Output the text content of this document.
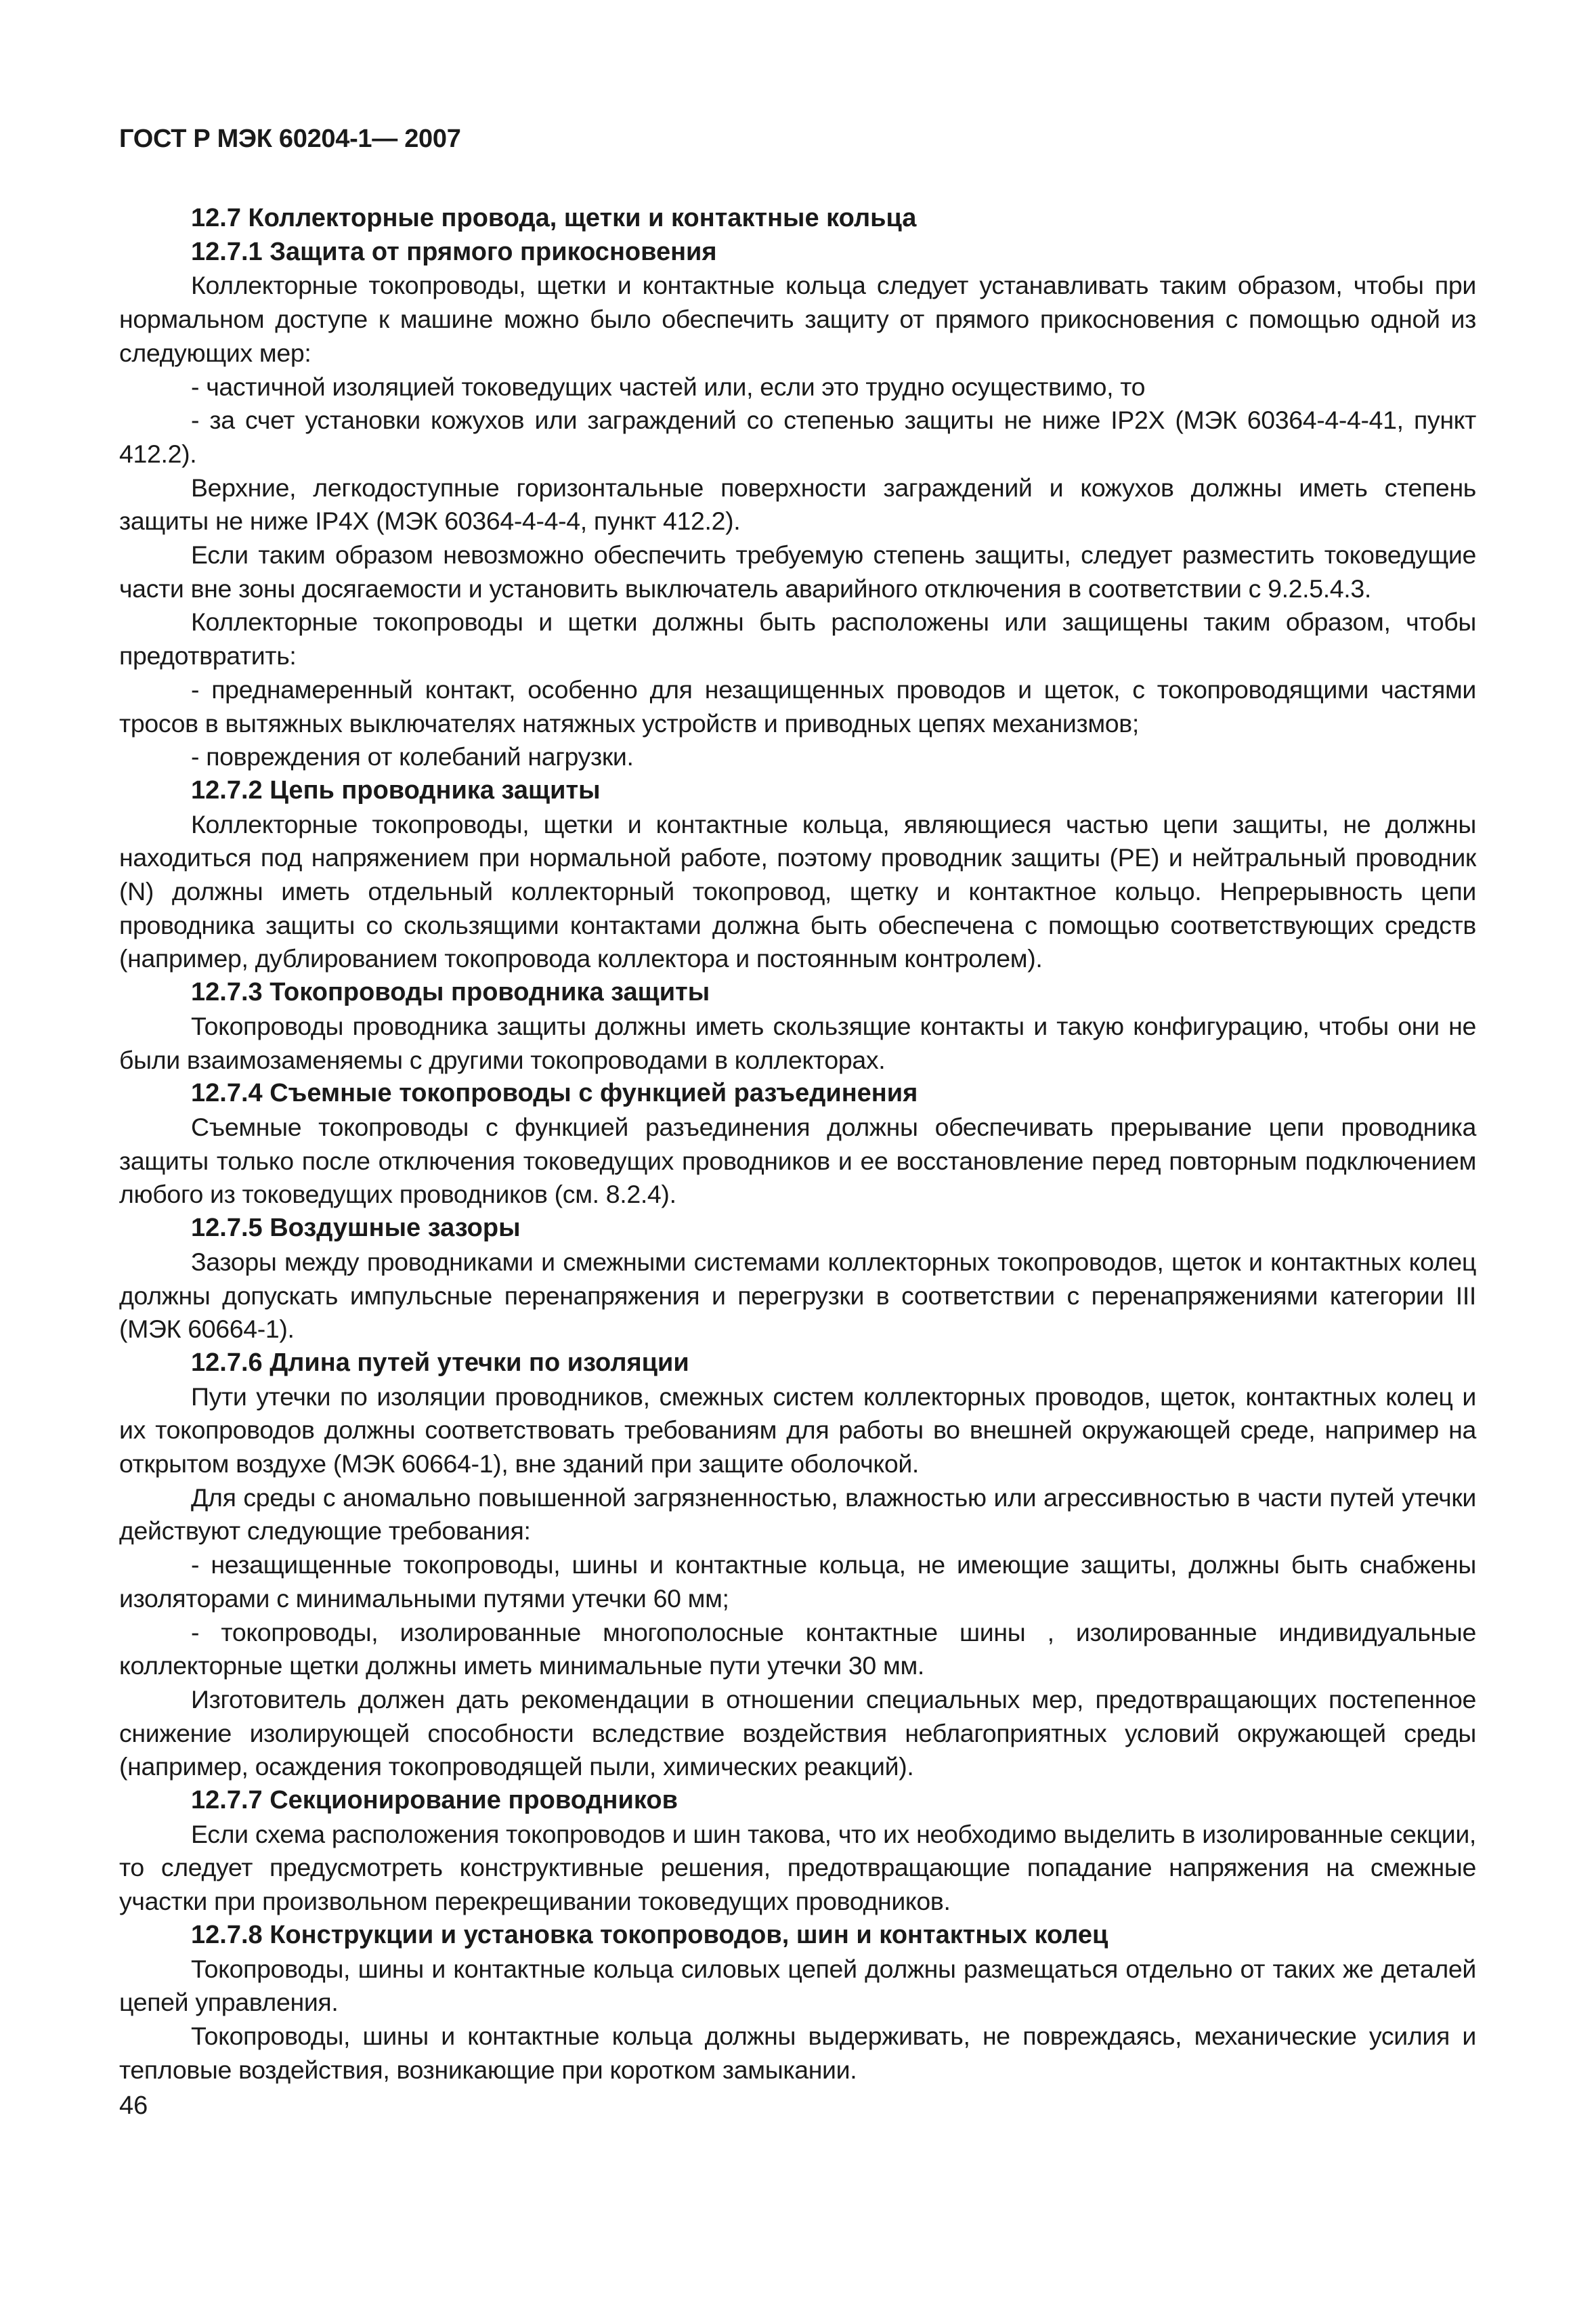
ГОСТ Р МЭК 60204-1— 2007
12.7 Коллекторные провода, щетки и контактные кольца
12.7.1 Защита от прямого прикосновения

Коллекторные токопроводы, щетки и контактные кольца следует устанавливать таким образом, чтобы при нормальном доступе к машине можно было обеспечить защиту от прямого прикосновения с помощью одной из следующих мер:

- частичной изоляцией токоведущих частей или, если это трудно осуществимо, то

- за счет установки кожухов или заграждений со степенью защиты не ниже IP2X (МЭК 60364-4-4-41, пункт 412.2).

Верхние, легкодоступные горизонтальные поверхности заграждений и кожухов должны иметь степень защиты не ниже IP4X (МЭК 60364-4-4-4, пункт 412.2).

Если таким образом невозможно обеспечить требуемую степень защиты, следует разместить токоведущие части вне зоны досягаемости и установить выключатель аварийного отключения в соответствии с 9.2.5.4.3.

Коллекторные токопроводы и щетки должны быть расположены или защищены таким образом, чтобы предотвратить:

- преднамеренный контакт, особенно для незащищенных проводов и щеток, с токопроводящими частями тросов в вытяжных выключателях натяжных устройств и приводных цепях механизмов;

- повреждения от колебаний нагрузки.

12.7.2 Цепь проводника защиты

Коллекторные токопроводы, щетки и контактные кольца, являющиеся частью цепи защиты, не должны находиться под напряжением при нормальной работе, поэтому проводник защиты (PE) и нейтральный проводник (N) должны иметь отдельный коллекторный токопровод, щетку и контактное кольцо. Непрерывность цепи проводника защиты со скользящими контактами должна быть обеспечена с помощью соответствующих средств (например, дублированием токопровода коллектора и постоянным контролем).

12.7.3 Токопроводы проводника защиты

Токопроводы проводника защиты должны иметь скользящие контакты и такую конфигурацию, чтобы они не были взаимозаменяемы с другими токопроводами в коллекторах.

12.7.4 Съемные токопроводы с функцией разъединения

Съемные токопроводы с функцией разъединения должны обеспечивать прерывание цепи проводника защиты только после отключения токоведущих проводников и ее восстановление перед повторным подключением любого из токоведущих проводников (см. 8.2.4).

12.7.5 Воздушные зазоры

Зазоры между проводниками и смежными системами коллекторных токопроводов, щеток и контактных колец должны допускать импульсные перенапряжения и перегрузки в соответствии с перенапряжениями категории III (МЭК 60664-1).

12.7.6 Длина путей утечки по изоляции

Пути утечки по изоляции проводников, смежных систем коллекторных проводов, щеток, контактных колец и их токопроводов должны соответствовать требованиям для работы во внешней окружающей среде, например на открытом воздухе (МЭК 60664-1), вне зданий при защите оболочкой.

Для среды с аномально повышенной загрязненностью, влажностью или агрессивностью в части путей утечки действуют следующие требования:

- незащищенные токопроводы, шины и контактные кольца, не имеющие защиты, должны быть снабжены изоляторами с минимальными путями утечки 60 мм;

- токопроводы, изолированные многополосные контактные шины , изолированные индивидуальные коллекторные щетки должны иметь минимальные пути утечки 30 мм.

Изготовитель должен дать рекомендации в отношении специальных мер, предотвращающих постепенное снижение изолирующей способности вследствие воздействия неблагоприятных условий окружающей среды (например, осаждения токопроводящей пыли, химических реакций).

12.7.7 Секционирование проводников

Если схема расположения токопроводов и шин такова, что их необходимо выделить в изолированные секции, то следует предусмотреть конструктивные решения, предотвращающие попадание напряжения на смежные участки при произвольном перекрещивании токоведущих проводников.

12.7.8 Конструкции и установка токопроводов, шин и контактных колец

Токопроводы, шины и контактные кольца силовых цепей должны размещаться отдельно от таких же деталей цепей управления.

Токопроводы, шины и контактные кольца должны выдерживать, не повреждаясь, механические усилия и тепловые воздействия, возникающие при коротком замыкании.

46
